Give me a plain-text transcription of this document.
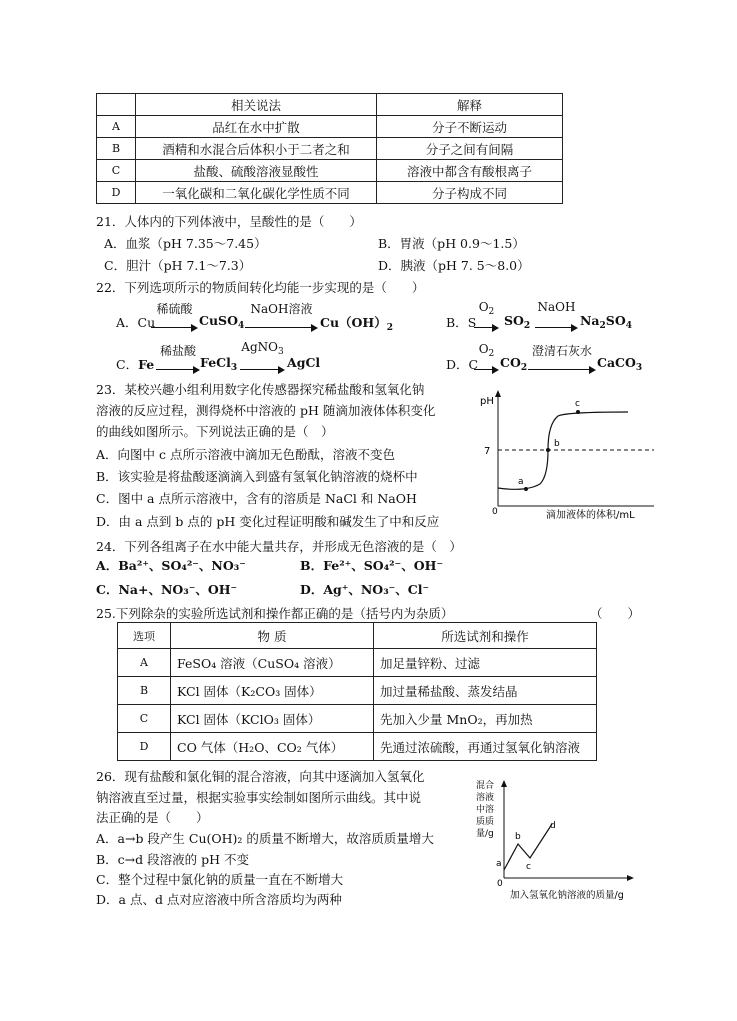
	相关说法	解释
A	品红在水中扩散	分子不断运动
B	酒精和水混合后体积小于二者之和	分子之间有间隔
C	盐酸、硫酸溶液显酸性	溶液中都含有酸根离子
D	一氧化碳和二氧化碳化学性质不同	分子构成不同
21．人体内的下列体液中，呈酸性的是（　　）
A．血浆（pH 7.35～7.45）	B．胃液（pH 0.9～1.5）
C．胆汁（pH 7.1～7.3）	D．胰液（pH 7. 5～8.0）
22．下列选项所示的物质间转化均能一步实现的是（　　）
A．Cu
稀硫酸
CuSO$_4$
NaOH溶液
$Cu(OH)_2$	B．S
$O_2$
$SO_2$
NaOH
$Na_2SO_4$
C．Fe
稀盐酸
FeCl$_3$
AgNO$_3$
AgCl	D．C
$O_2$
$CO_2$
澄清石灰水
CaCO$_3$
23．某校兴趣小组利用数字化传感器探究稀盐酸和氢氧化钠
溶液的反应过程，测得烧杯中溶液的 pH 随滴加液体体积变化
的曲线如图所示。下列说法正确的是（　）
A．向图中 c 点所示溶液中滴加无色酚酞，溶液不变色
B．该实验是将盐酸逐滴滴入到盛有氢氧化钠溶液的烧杯中
C．图中 a 点所示溶液中，含有的溶质是 NaCl 和 NaOH
D．由 a 点到 b 点的 pH 变化过程证明酸和碱发生了中和反应
pH
7
0	滴加液体的体积/mL
a
b
c
24．下列各组离子在水中能大量共存，并形成无色溶液的是（　）
A．Ba²⁺、SO₄²⁻、NO₃⁻	B．Fe²⁺、SO₄²⁻、OH⁻
C．Na+、NO₃⁻、OH⁻	D．Ag⁺、NO₃⁻、Cl⁻
25.下列除杂的实验所选试剂和操作都正确的是（括号内为杂质）	（　　）
选项	物 质	所选试剂和操作
A	FeSO₄ 溶液（CuSO₄ 溶液）	加足量锌粉、过滤
B	KCl 固体（K₂CO₃ 固体）	加过量稀盐酸、蒸发结晶
C	KCl 固体（KClO₃ 固体）	先加入少量 MnO₂，再加热
D	CO 气体（H₂O、CO₂ 气体）	先通过浓硫酸，再通过氢氧化钠溶液
26．现有盐酸和氯化铜的混合溶液，向其中逐滴加入氢氧化
钠溶液直至过量，根据实验事实绘制如图所示曲线。其中说
法正确的是（　　）
A．a→b 段产生 Cu(OH)₂ 的质量不断增大，故溶质质量增大
B．c→d 段溶液的 pH 不变
C．整个过程中氯化钠的质量一直在不断增大
D．a 点、d 点对应溶液中所含溶质均为两种
混合
溶液
中溶
质质
量/g
0
加入氢氧化钠溶液的质量/g
a
b
c
d
